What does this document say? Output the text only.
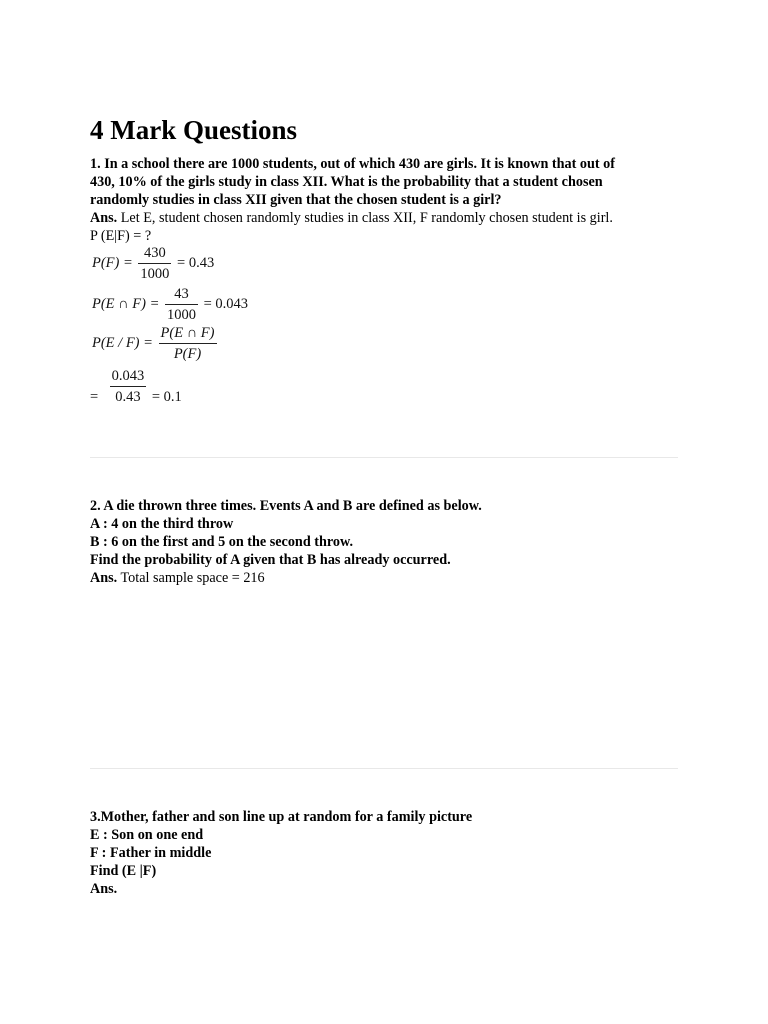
4 Mark Questions
1. In a school there are 1000 students, out of which 430 are girls. It is known that out of
430, 10% of the girls study in class XII. What is the probability that a student chosen
randomly studies in class XII given that the chosen student is a girl?
Ans. Let E, student chosen randomly studies in class XII, F randomly chosen student is girl.
P (E|F) = ?
$P(F) = \frac{430}{1000} = 0.43$
P(E ∩ $F) = \frac{43}{1000} = 0.043$
$P(E / F) = \frac{P(E \cap F)}{P(F)}$
= $\frac{0.043}{0.43} = 0.1$
2. A die thrown three times. Events A and B are defined as below.
A : 4 on the third throw
B : 6 on the first and 5 on the second throw.
Find the probability of A given that B has already occurred.
Ans. Total sample space = 216
3.Mother, father and son line up at random for a family picture
E : Son on one end
F : Father in middle
Find (E |F)
Ans.
